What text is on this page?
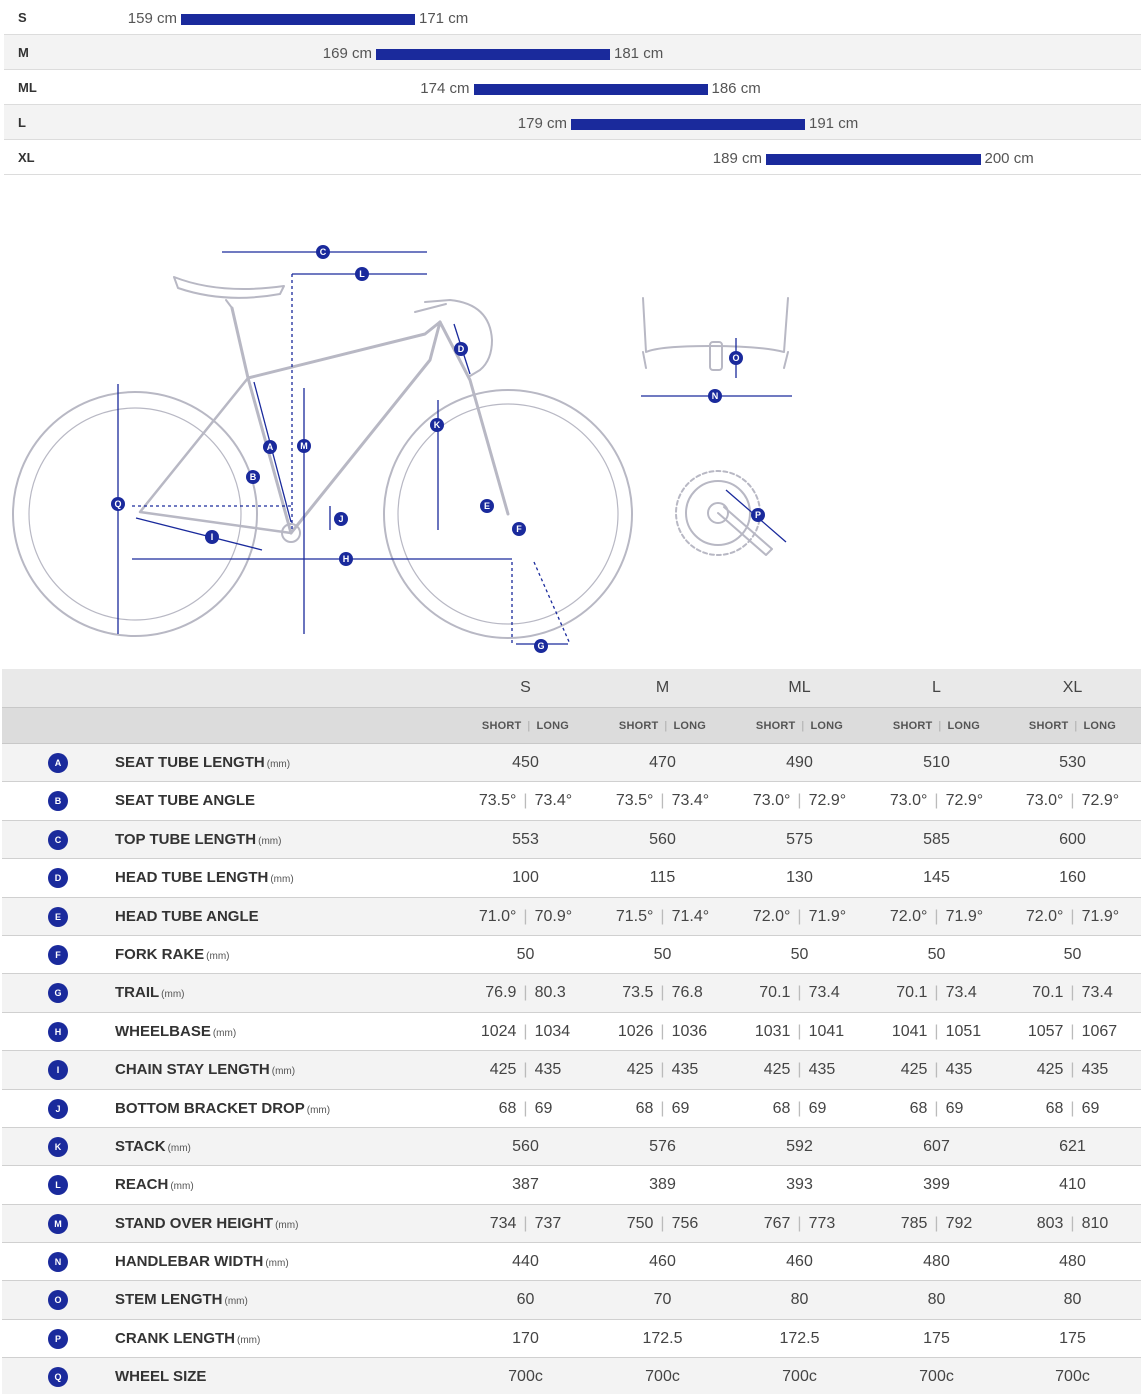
S	159 cm	171 cm
M	169 cm	181 cm
ML	174 cm	186 cm
L	179 cm	191 cm
XL	189 cm	200 cm
A
B
C
D
E
F
G
H
I
J
K
L
M
N
O
P
Q
S	M	ML	L	XL
SHORT | LONG	SHORT | LONG	SHORT | LONG	SHORT | LONG	SHORT | LONG
A	SEAT TUBE LENGTH (mm)	450	470	490	510	530
B	SEAT TUBE ANGLE	73.5° | 73.4°	73.5° | 73.4°	73.0° | 72.9°	73.0° | 72.9°	73.0° | 72.9°
C	TOP TUBE LENGTH (mm)	553	560	575	585	600
D	HEAD TUBE LENGTH (mm)	100	115	130	145	160
E	HEAD TUBE ANGLE	71.0° | 70.9°	71.5° | 71.4°	72.0° | 71.9°	72.0° | 71.9°	72.0° | 71.9°
F	FORK RAKE (mm)	50	50	50	50	50
G	TRAIL (mm)	76.9 | 80.3	73.5 | 76.8	70.1 | 73.4	70.1 | 73.4	70.1 | 73.4
H	WHEELBASE (mm)	1024 | 1034	1026 | 1036	1031 | 1041	1041 | 1051	1057 | 1067
I	CHAIN STAY LENGTH (mm)	425 | 435	425 | 435	425 | 435	425 | 435	425 | 435
J	BOTTOM BRACKET DROP (mm)	68 | 69	68 | 69	68 | 69	68 | 69	68 | 69
K	STACK (mm)	560	576	592	607	621
L	REACH (mm)	387	389	393	399	410
M	STAND OVER HEIGHT (mm)	734 | 737	750 | 756	767 | 773	785 | 792	803 | 810
N	HANDLEBAR WIDTH (mm)	440	460	460	480	480
O	STEM LENGTH (mm)	60	70	80	80	80
P	CRANK LENGTH (mm)	170	172.5	172.5	175	175
Q	WHEEL SIZE	700c	700c	700c	700c	700c
